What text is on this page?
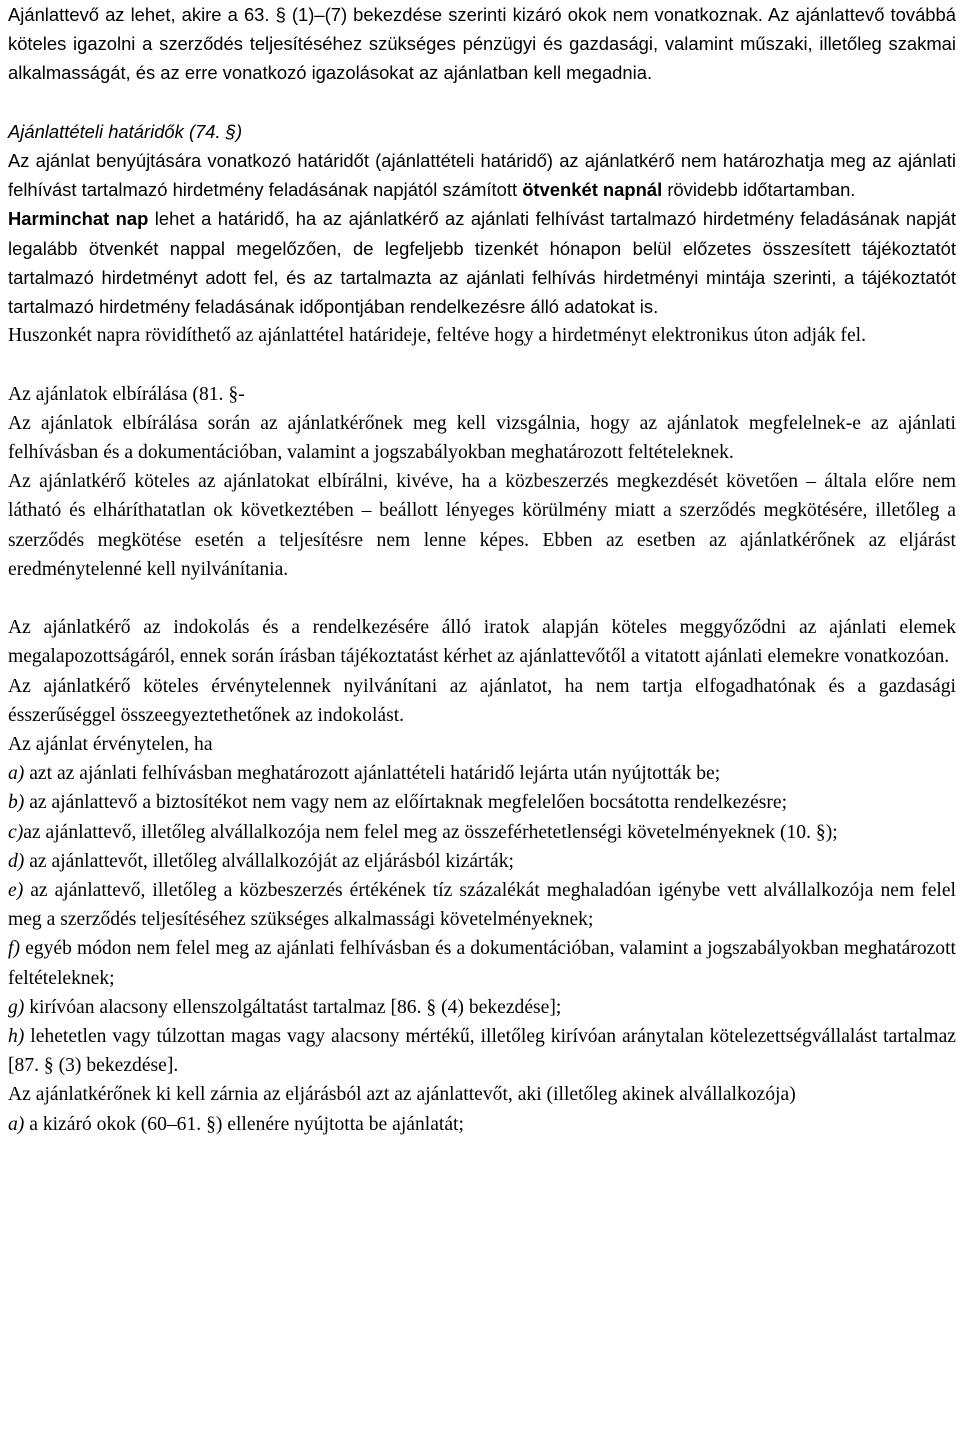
Ajánlattevő az lehet, akire a 63. § (1)–(7) bekezdése szerinti kizáró okok nem vonatkoznak. Az ajánlattevő továbbá köteles igazolni a szerződés teljesítéséhez szükséges pénzügyi és gazdasági, valamint műszaki, illetőleg szakmai alkalmasságát, és az erre vonatkozó igazolásokat az ajánlatban kell megadnia.

Ajánlattételi határidők (74. §)

Az ajánlat benyújtására vonatkozó határidőt (ajánlattételi határidő) az ajánlatkérő nem határozhatja meg az ajánlati felhívást tartalmazó hirdetmény feladásának napjától számított ötvenkét napnál rövidebb időtartamban.

Harminchat nap lehet a határidő, ha az ajánlatkérő az ajánlati felhívást tartalmazó hirdetmény feladásának napját legalább ötvenkét nappal megelőzően, de legfeljebb tizenkét hónapon belül előzetes összesített tájékoztatót tartalmazó hirdetményt adott fel, és az tartalmazta az ajánlati felhívás hirdetményi mintája szerinti, a tájékoztatót tartalmazó hirdetmény feladásának időpontjában rendelkezésre álló adatokat is.

Huszonkét napra rövidíthető az ajánlattétel határideje, feltéve hogy a hirdetményt elektronikus úton adják fel.

Az ajánlatok elbírálása (81. §-

Az ajánlatok elbírálása során az ajánlatkérőnek meg kell vizsgálnia, hogy az ajánlatok megfelelnek-e az ajánlati felhívásban és a dokumentációban, valamint a jogszabályokban meghatározott feltételeknek.

Az ajánlatkérő köteles az ajánlatokat elbírálni, kivéve, ha a közbeszerzés megkezdését követően – általa előre nem látható és elháríthatatlan ok következtében – beállott lényeges körülmény miatt a szerződés megkötésére, illetőleg a szerződés megkötése esetén a teljesítésre nem lenne képes. Ebben az esetben az ajánlatkérőnek az eljárást eredménytelenné kell nyilvánítania.

Az ajánlatkérő az indokolás és a rendelkezésére álló iratok alapján köteles meggyőződni az ajánlati elemek megalapozottságáról, ennek során írásban tájékoztatást kérhet az ajánlattevőtől a vitatott ajánlati elemekre vonatkozóan.

Az ajánlatkérő köteles érvénytelennek nyilvánítani az ajánlatot, ha nem tartja elfogadhatónak és a gazdasági ésszerűséggel összeegyeztethetőnek az indokolást.

Az ajánlat érvénytelen, ha

a) azt az ajánlati felhívásban meghatározott ajánlattételi határidő lejárta után nyújtották be;

b) az ajánlattevő a biztosítékot nem vagy nem az előírtaknak megfelelően bocsátotta rendelkezésre;

c)az ajánlattevő, illetőleg alvállalkozója nem felel meg az összeférhetetlenségi követelményeknek (10. §);

d) az ajánlattevőt, illetőleg alvállalkozóját az eljárásból kizárták;

e) az ajánlattevő, illetőleg a közbeszerzés értékének tíz százalékát meghaladóan igénybe vett alvállalkozója nem felel meg a szerződés teljesítéséhez szükséges alkalmassági követelményeknek;

f) egyéb módon nem felel meg az ajánlati felhívásban és a dokumentációban, valamint a jogszabályokban meghatározott feltételeknek;

g) kirívóan alacsony ellenszolgáltatást tartalmaz [86. § (4) bekezdése];

h) lehetetlen vagy túlzottan magas vagy alacsony mértékű, illetőleg kirívóan aránytalan kötelezettségvállalást tartalmaz [87. § (3) bekezdése].

Az ajánlatkérőnek ki kell zárnia az eljárásból azt az ajánlattevőt, aki (illetőleg akinek alvállalkozója)

a) a kizáró okok (60–61. §) ellenére nyújtotta be ajánlatát;
